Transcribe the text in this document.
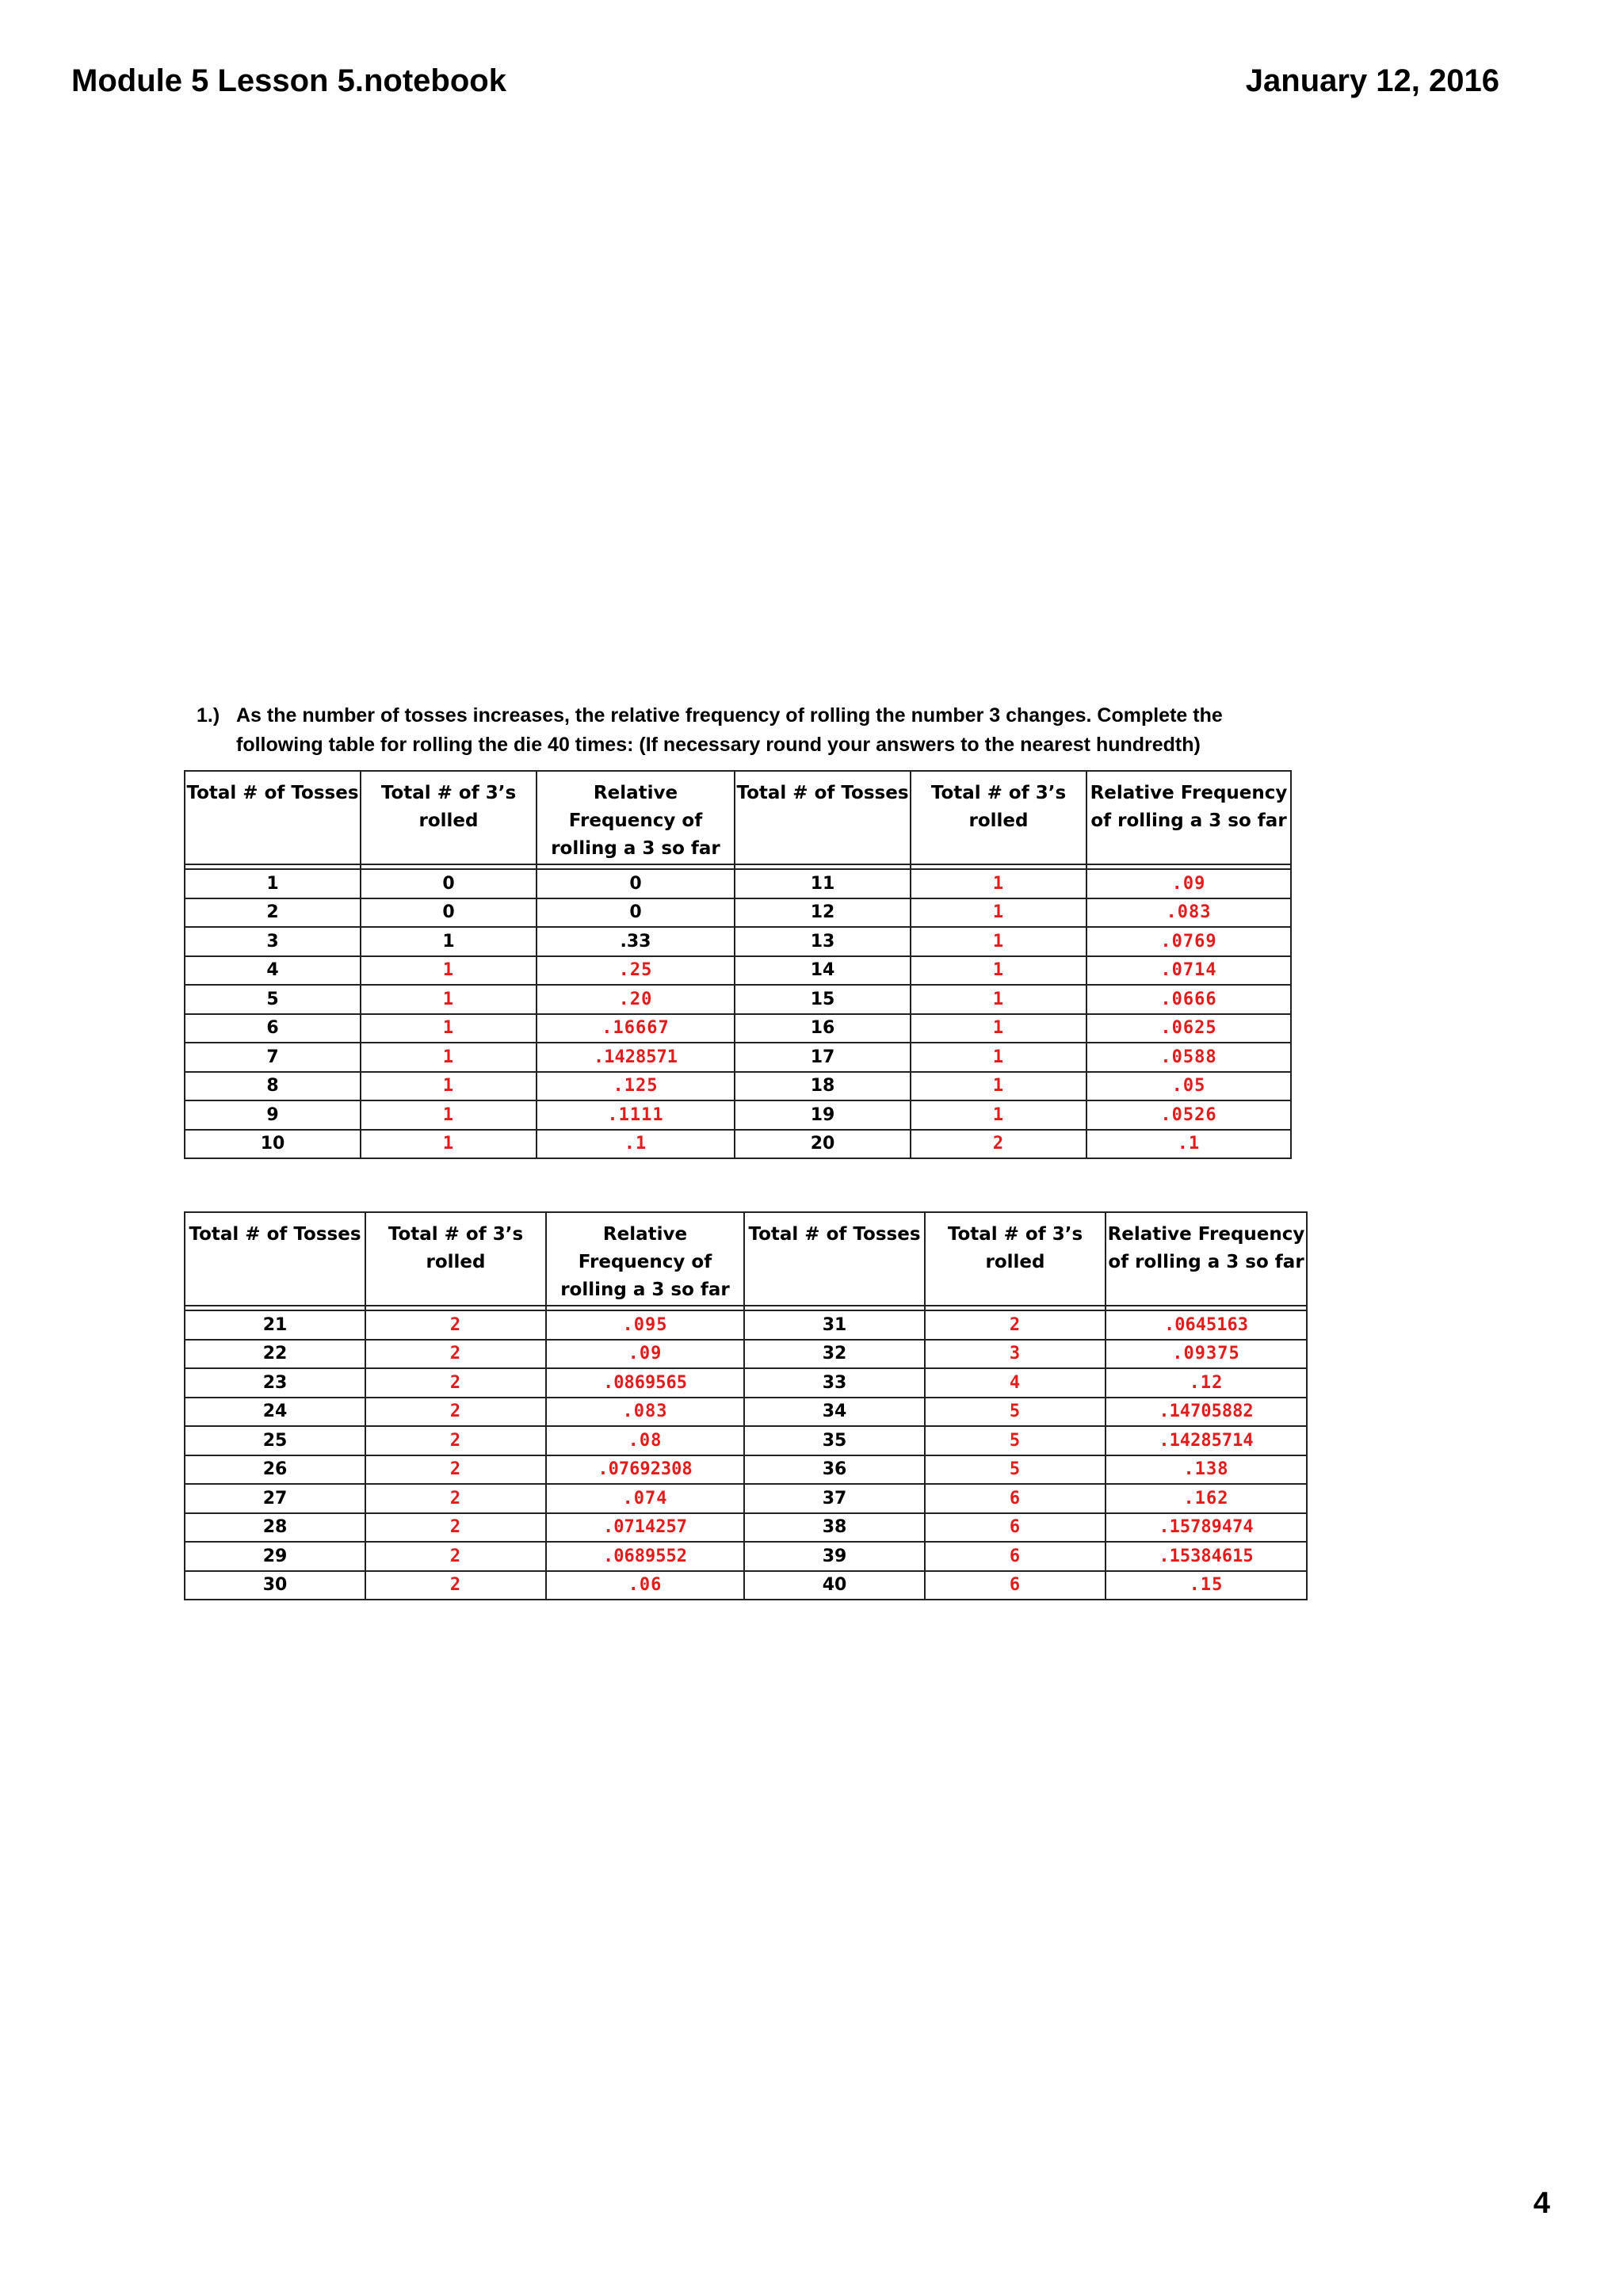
Module 5 Lesson 5.notebook	January 12, 2016
1.) As the number of tosses increases, the relative frequency of rolling the number 3 changes. Complete the
following table for rolling the die 40 times: (If necessary round your answers to the nearest hundredth)
Total # of Tosses	Total # of 3’s rolled	Relative Frequency of rolling a 3 so far	Total # of Tosses	Total # of 3’s rolled	Relative Frequency of rolling a 3 so far

1	0	0	11	1	.09
2	0	0	12	1	.083
3	1	.33	13	1	.0769
4	1	.25	14	1	.0714
5	1	.20	15	1	.0666
6	1	.16667	16	1	.0625
7	1	.1428571	17	1	.0588
8	1	.125	18	1	.05
9	1	.1111	19	1	.0526
10	1	.1	20	2	.1
Total # of Tosses	Total # of 3’s rolled	Relative Frequency of rolling a 3 so far	Total # of Tosses	Total # of 3’s rolled	Relative Frequency of rolling a 3 so far

21	2	.095	31	2	.0645163
22	2	.09	32	3	.09375
23	2	.0869565	33	4	.12
24	2	.083	34	5	.14705882
25	2	.08	35	5	.14285714
26	2	.07692308	36	5	.138
27	2	.074	37	6	.162
28	2	.0714257	38	6	.15789474
29	2	.0689552	39	6	.15384615
30	2	.06	40	6	.15
4
